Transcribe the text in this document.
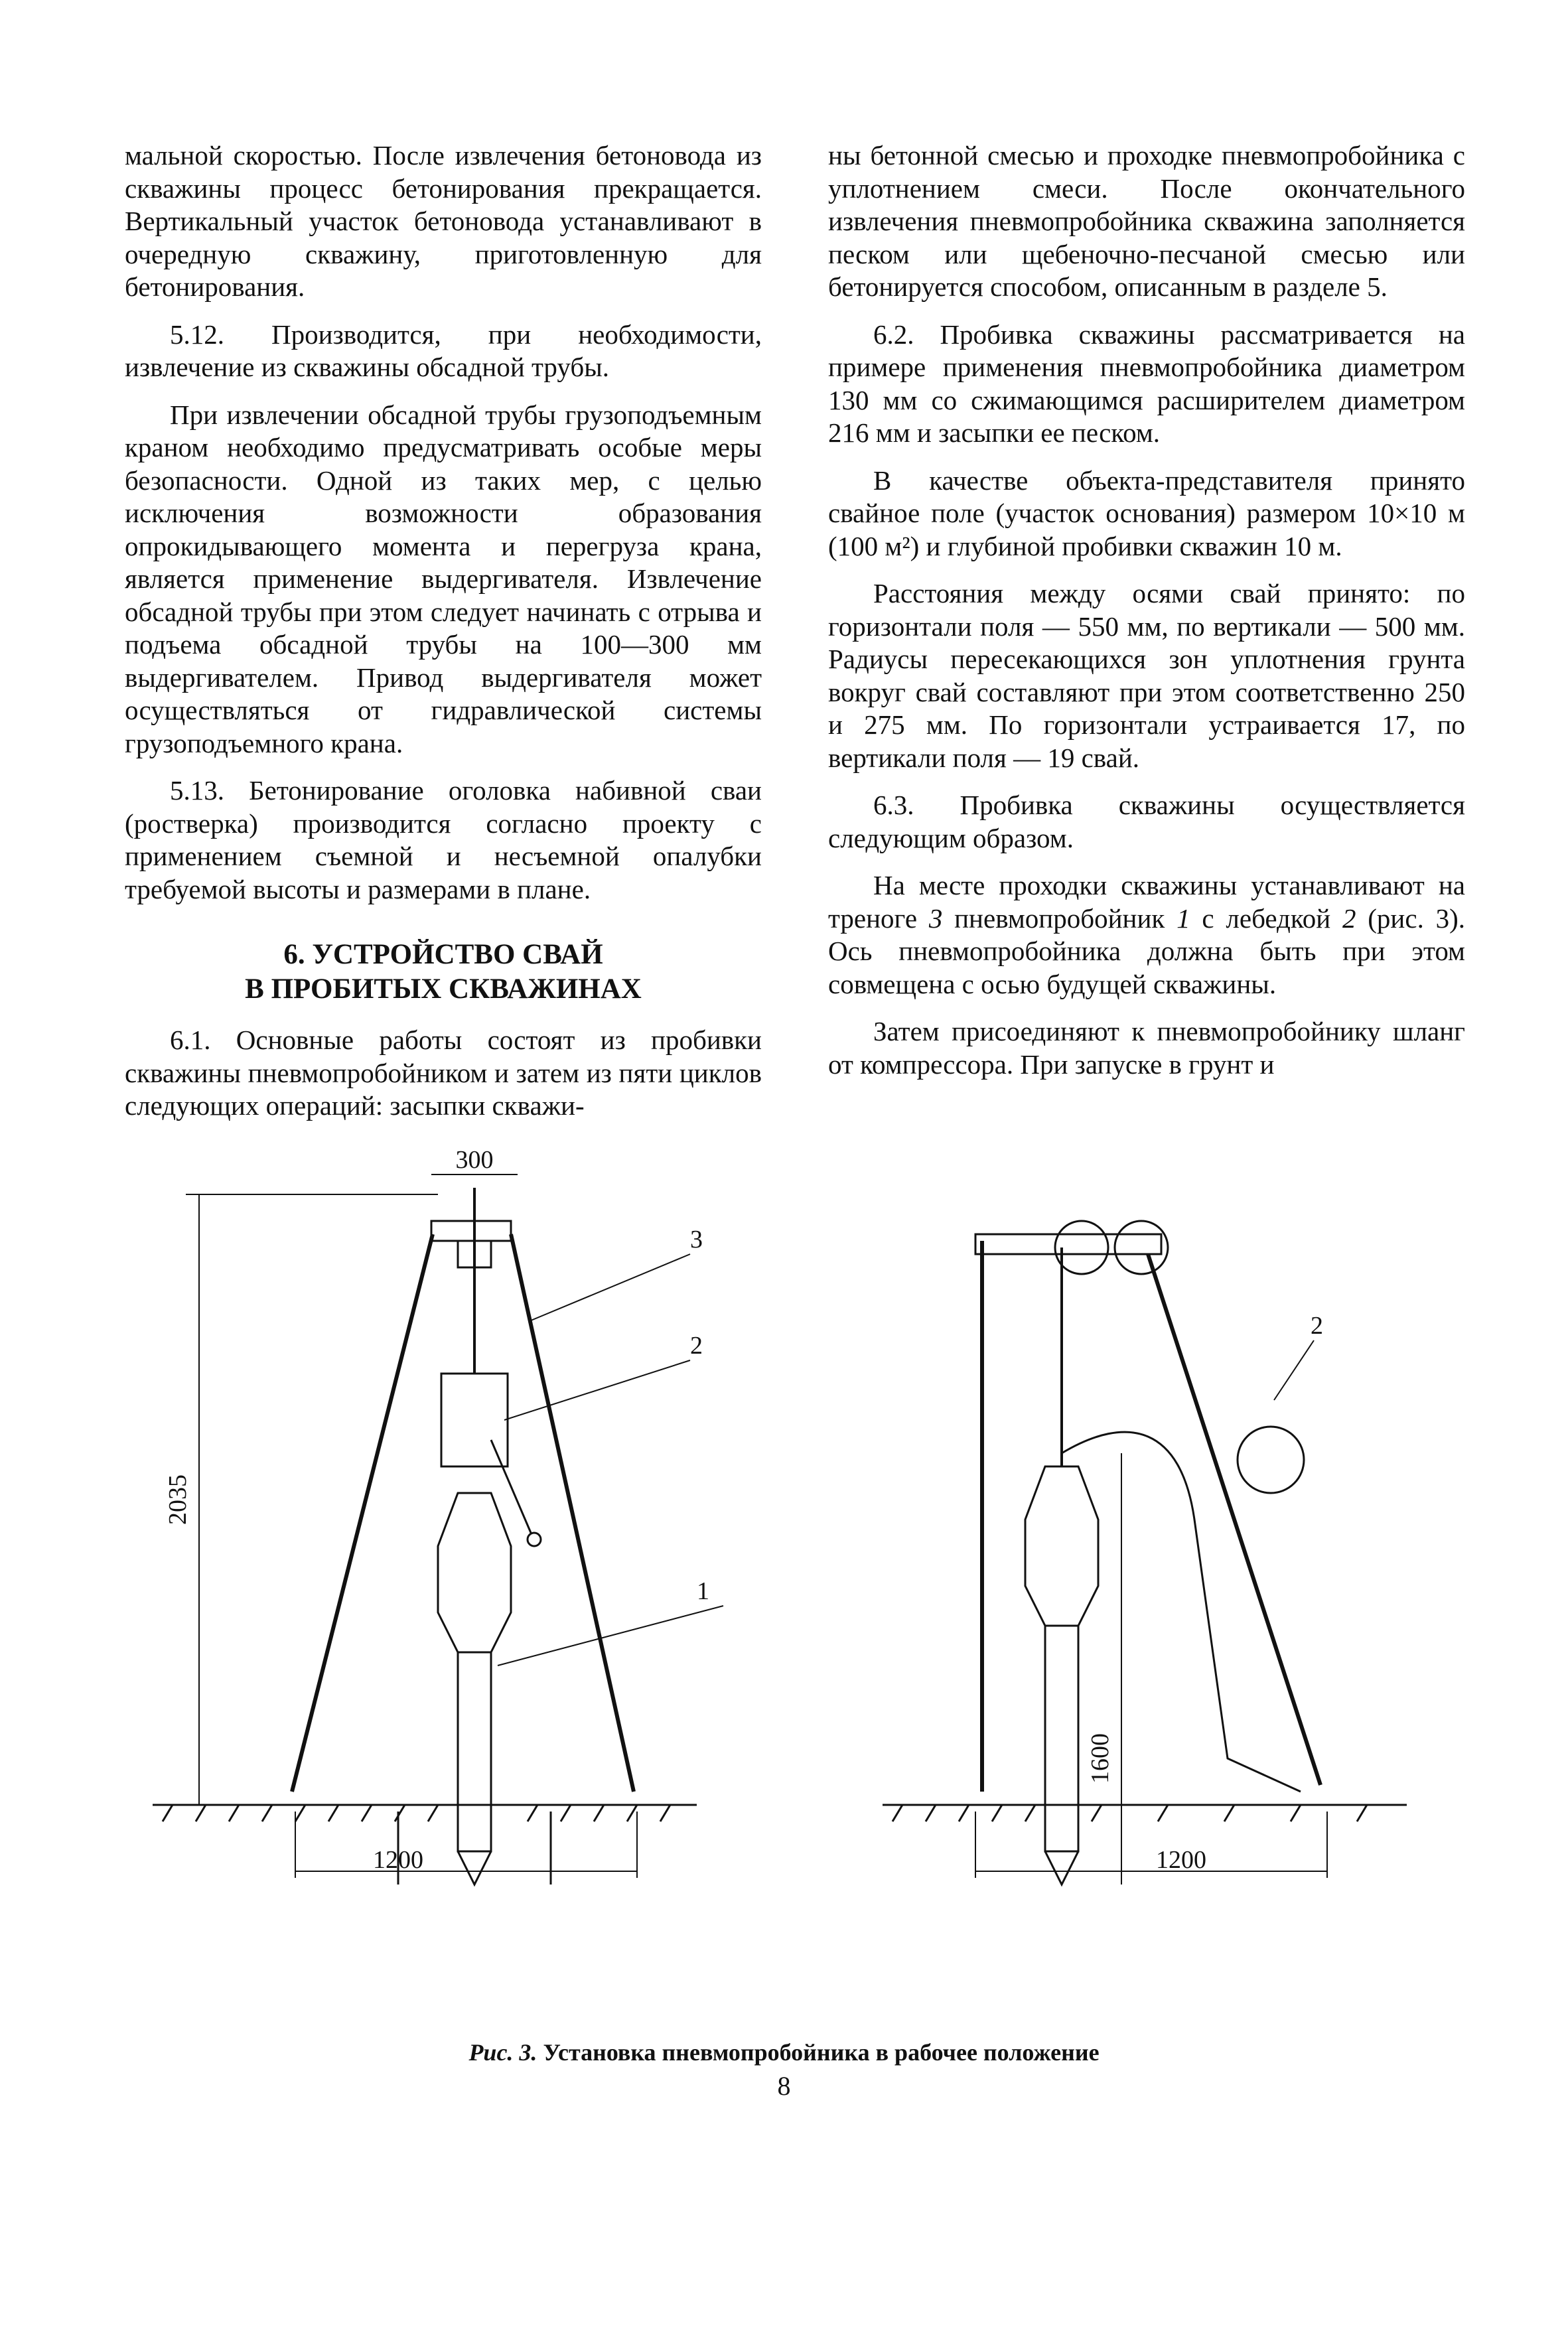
мальной скоростью. После извлечения бетоновода из скважины процесс бетонирования прекращается. Вертикальный участок бетоновода устанавливают в очередную скважину, приготовленную для бетонирования.

5.12. Производится, при необходимости, извлечение из скважины обсадной трубы.

При извлечении обсадной трубы грузоподъемным краном необходимо предусматривать особые меры безопасности. Одной из таких мер, с целью исключения возможности образования опрокидывающего момента и перегруза крана, является применение выдергивателя. Извлечение обсадной трубы при этом следует начинать с отрыва и подъема обсадной трубы на 100—300 мм выдергивателем. Привод выдергивателя может осуществляться от гидравлической системы грузоподъемного крана.

5.13. Бетонирование оголовка набивной сваи (ростверка) производится согласно проекту с применением съемной и несъемной опалубки требуемой высоты и размерами в плане.

6. УСТРОЙСТВО СВАЙ
В ПРОБИТЫХ СКВАЖИНАХ

6.1. Основные работы состоят из пробивки скважины пневмопробойником и затем из пяти циклов следующих операций: засыпки скважи-

ны бетонной смесью и проходке пневмопробойника с уплотнением смеси. После окончательного извлечения пневмопробойника скважина заполняется песком или щебеночно-песчаной смесью или бетонируется способом, описанным в разделе 5.

6.2. Пробивка скважины рассматривается на примере применения пневмопробойника диаметром 130 мм со сжимающимся расширителем диаметром 216 мм и засыпки ее песком.

В качестве объекта-представителя принято свайное поле (участок основания) размером 10×10 м (100 м²) и глубиной пробивки скважин 10 м.

Расстояния между осями свай принято: по горизонтали поля — 550 мм, по вертикали — 500 мм. Радиусы пересекающихся зон уплотнения грунта вокруг свай составляют при этом соответственно 250 и 275 мм. По горизонтали устраивается 17, по вертикали поля — 19 свай.

6.3. Пробивка скважины осуществляется следующим образом.

На месте проходки скважины устанавливают на треноге 3 пневмопробойник 1 с лебедкой 2 (рис. 3). Ось пневмопробойника должна быть при этом совмещена с осью будущей скважины.

Затем присоединяют к пневмопробойнику шланг от компрессора. При запуске в грунт и

300
2035
1200
3
2
1
2
1600
1200
Рис. 3. Установка пневмопробойника в рабочее положение
8
